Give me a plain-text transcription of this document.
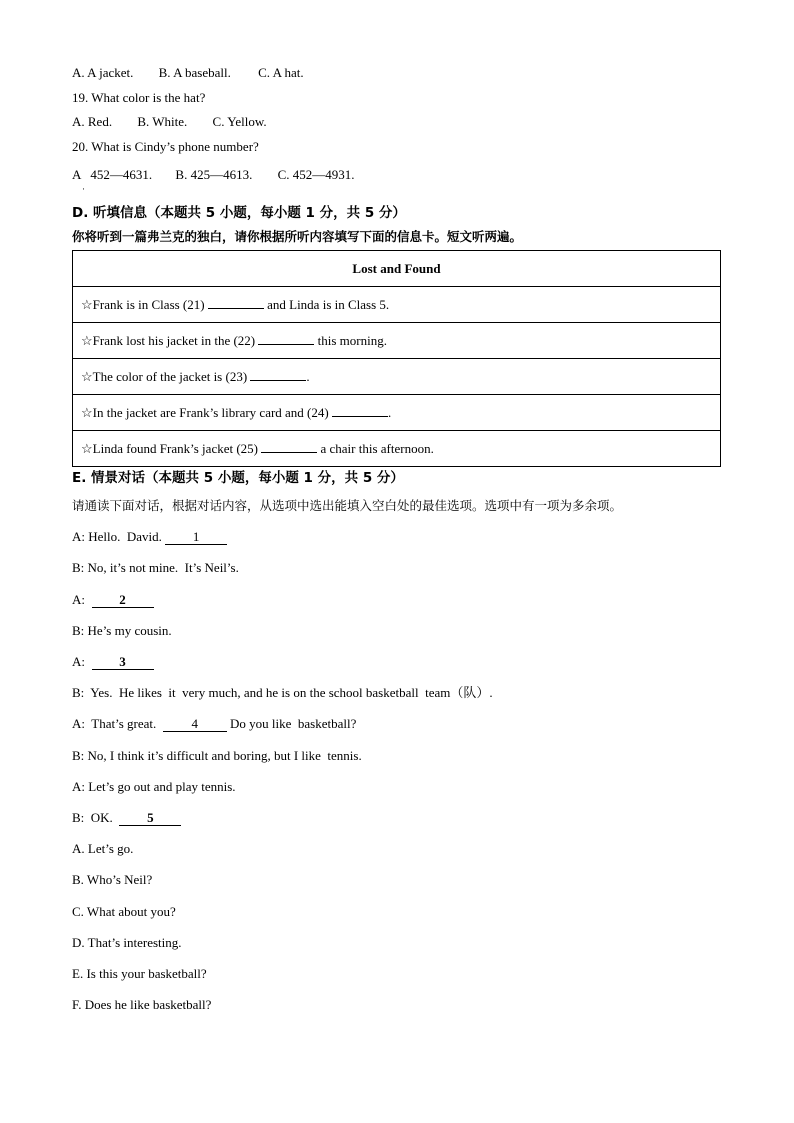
A. A jacket. B. A baseball. C. A hat.
19. What color is the hat?
A. Red. B. White. C. Yellow.
20. What is Cindy’s phone number?
A   452—4631. B. 425—4613. C. 452—4931.
·
D. 听填信息（本题共 5 小题，每小题 1 分，共 5 分）
你将听到一篇弗兰克的独白，请你根据所听内容填写下面的信息卡。短文听两遍。
Lost and Found
☆Frank is in Class (21)	and Linda is in Class 5.
☆Frank lost his jacket in the (22)	this morning.
☆The color of the jacket is (23)	.
☆In the jacket are Frank’s library card and (24)	.
☆Linda found Frank’s jacket (25)	a chair this afternoon.
E. 情景对话（本题共 5 小题，每小题 1 分，共 5 分）
请通读下面对话，根据对话内容，从选项中选出能填入空白处的最佳选项。选项中有一项为多余项。
A: Hello.  David. 1
B: No, it’s not mine.  It’s Neil’s.
A:  2
B: He’s my cousin.
A:  3
B:  Yes.  He likes  it  very much, and he is on the school basketball  team（队）.
A:  That’s great.  4 Do you like  basketball?
B: No, I think it’s difficult and boring, but I like  tennis.
A: Let’s go out and play tennis.
B:  OK.  5
A. Let’s go.
B. Who’s Neil?
C. What about you?
D. That’s interesting.
E. Is this your basketball?
F. Does he like basketball?
